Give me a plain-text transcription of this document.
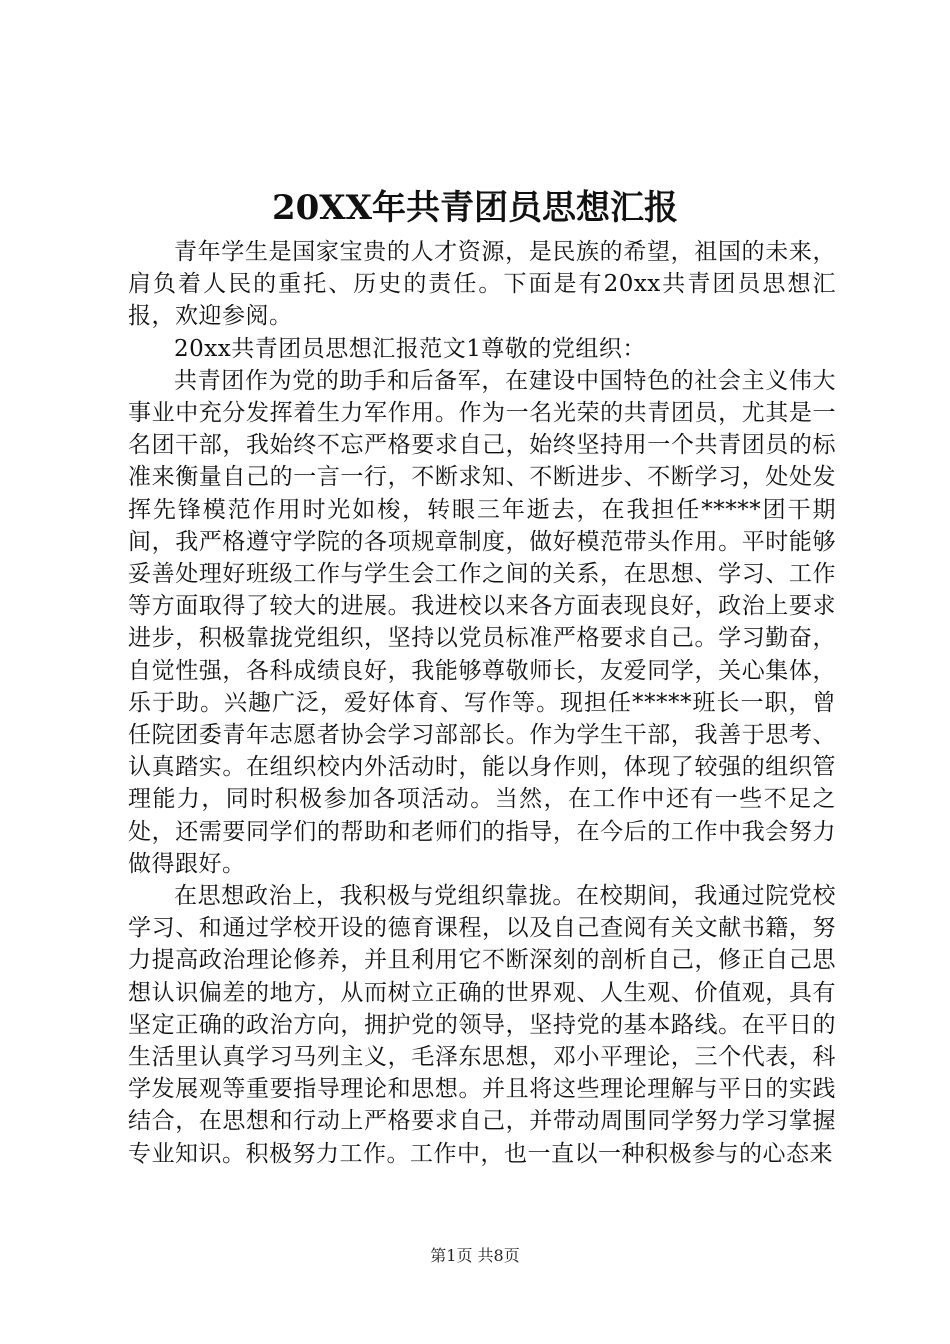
20XX年共青团员思想汇报

青年学生是国家宝贵的人才资源，是民族的希望，祖国的未来，肩负着人民的重托、历史的责任。下面是有20xx共青团员思想汇报，欢迎参阅。

20xx共青团员思想汇报范文1尊敬的党组织：

共青团作为党的助手和后备军，在建设中国特色的社会主义伟大事业中充分发挥着生力军作用。作为一名光荣的共青团员，尤其是一名团干部，我始终不忘严格要求自己，始终坚持用一个共青团员的标准来衡量自己的一言一行，不断求知、不断进步、不断学习，处处发挥先锋模范作用时光如梭，转眼三年逝去，在我担任*****团干期间，我严格遵守学院的各项规章制度，做好模范带头作用。平时能够妥善处理好班级工作与学生会工作之间的关系，在思想、学习、工作等方面取得了较大的进展。我进校以来各方面表现良好，政治上要求进步，积极靠拢党组织，坚持以党员标准严格要求自己。学习勤奋，自觉性强，各科成绩良好，我能够尊敬师长，友爱同学，关心集体，乐于助。兴趣广泛，爱好体育、写作等。现担任*****班长一职，曾任院团委青年志愿者协会学习部部长。作为学生干部，我善于思考、认真踏实。在组织校内外活动时，能以身作则，体现了较强的组织管理能力，同时积极参加各项活动。当然，在工作中还有一些不足之处，还需要同学们的帮助和老师们的指导，在今后的工作中我会努力做得跟好。

在思想政治上，我积极与党组织靠拢。在校期间，我通过院党校学习、和通过学校开设的德育课程，以及自己查阅有关文献书籍，努力提高政治理论修养，并且利用它不断深刻的剖析自己，修正自己思想认识偏差的地方，从而树立正确的世界观、人生观、价值观，具有坚定正确的政治方向，拥护党的领导，坚持党的基本路线。在平日的生活里认真学习马列主义，毛泽东思想，邓小平理论，三个代表，科学发展观等重要指导理论和思想。并且将这些理论理解与平日的实践结合，在思想和行动上严格要求自己，并带动周围同学努力学习掌握专业知识。积极努力工作。工作中，也一直以一种积极参与的心态来

第1页 共8页
